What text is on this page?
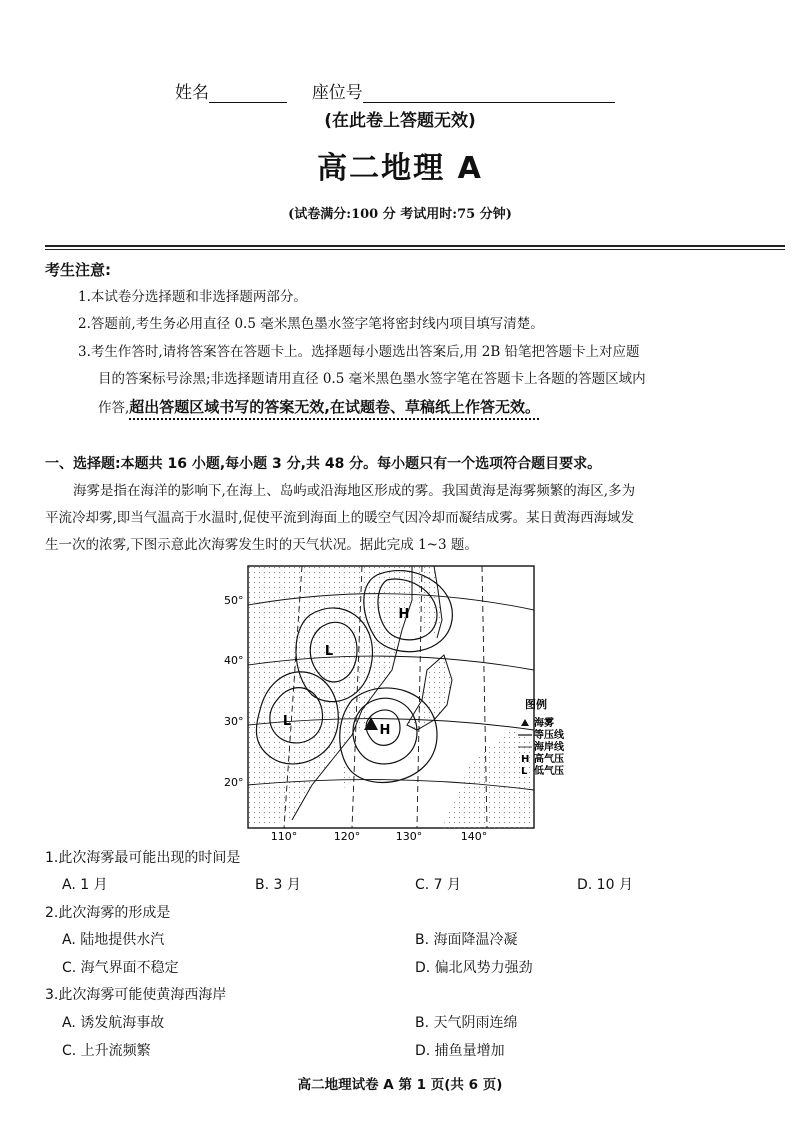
姓名	座位号
(在此卷上答题无效)
高二地理 A
(试卷满分:100 分 考试用时:75 分钟)
考生注意:
1.本试卷分选择题和非选择题两部分。
2.答题前,考生务必用直径 0.5 毫米黑色墨水签字笔将密封线内项目填写清楚。
3.考生作答时,请将答案答在答题卡上。选择题每小题选出答案后,用 2B 铅笔把答题卡上对应题
目的答案标号涂黑;非选择题请用直径 0.5 毫米黑色墨水签字笔在答题卡上各题的答题区域内
作答,超出答题区域书写的答案无效,在试题卷、草稿纸上作答无效。
一、选择题:本题共 16 小题,每小题 3 分,共 48 分。每小题只有一个选项符合题目要求。
海雾是指在海洋的影响下,在海上、岛屿或沿海地区形成的雾。我国黄海是海雾频繁的海区,多为
平流冷却雾,即当气温高于水温时,促使平流到海面上的暖空气因冷却而凝结成雾。某日黄海西海域发
生一次的浓雾,下图示意此次海雾发生时的天气状况。据此完成 1~3 题。
H
L
L
H
50°
40°
30°
20°
110°	120°	130°	140°
图例
海雾
等压线
海岸线
H 高气压
L 低气压
1.此次海雾最可能出现的时间是
A. 1 月	B. 3 月	C. 7 月	D. 10 月
2.此次海雾的形成是
A. 陆地提供水汽	B. 海面降温冷凝
C. 海气界面不稳定	D. 偏北风势力强劲
3.此次海雾可能使黄海西海岸
A. 诱发航海事故	B. 天气阴雨连绵
C. 上升流频繁	D. 捕鱼量增加
高二地理试卷 A 第 1 页(共 6 页)
